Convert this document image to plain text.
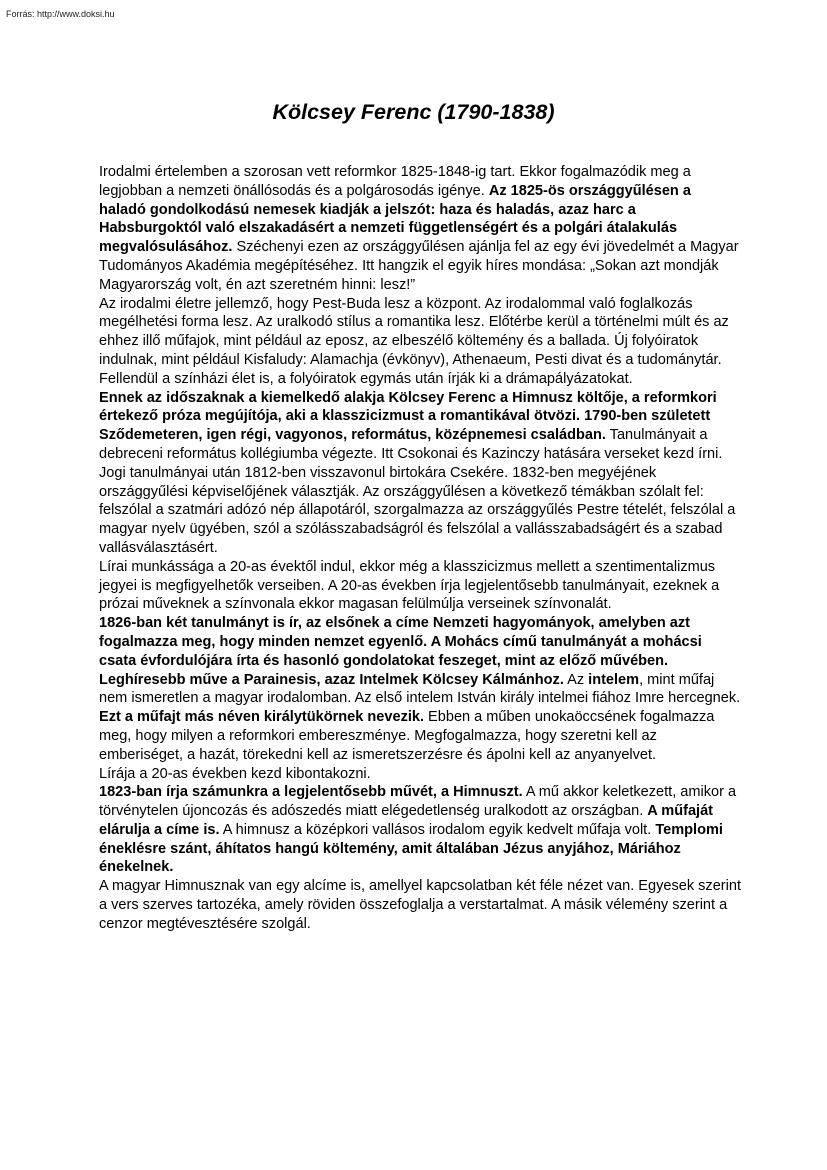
Forrás: http://www.doksi.hu
Kölcsey Ferenc (1790-1838)

Irodalmi értelemben a szorosan vett reformkor 1825-1848-ig tart. Ekkor fogalmazódik meg a legjobban a nemzeti önállósodás és a polgárosodás igénye. Az 1825-ös országgyűlésen a haladó gondolkodású nemesek kiadják a jelszót: haza és haladás, azaz harc a Habsburgoktól való elszakadásért a nemzeti függetlenségért és a polgári átalakulás megvalósulásához. Széchenyi ezen az országgyűlésen ajánlja fel az egy évi jövedelmét a Magyar Tudományos Akadémia megépítéséhez. Itt hangzik el egyik híres mondása: „Sokan azt mondják Magyarország volt, én azt szeretném hinni: lesz!”

Az irodalmi életre jellemző, hogy Pest-Buda lesz a központ. Az irodalommal való foglalkozás megélhetési forma lesz. Az uralkodó stílus a romantika lesz. Előtérbe kerül a történelmi múlt és az ehhez illő műfajok, mint például az eposz, az elbeszélő költemény és a ballada. Új folyóiratok indulnak, mint például Kisfaludy: Alamachja (évkönyv), Athenaeum, Pesti divat és a tudománytár. Fellendül a színházi élet is, a folyóiratok egymás után írják ki a drámapályázatokat.

Ennek az időszaknak a kiemelkedő alakja Kölcsey Ferenc a Himnusz költője, a reformkori értekező próza megújítója, aki a klasszicizmust a romantikával ötvözi. 1790-ben született Sződemeteren, igen régi, vagyonos, református, középnemesi családban. Tanulmányait a debreceni református kollégiumba végezte. Itt Csokonai és Kazinczy hatására verseket kezd írni. Jogi tanulmányai után 1812-ben visszavonul birtokára Csekére. 1832-ben megyéjének országgyűlési képviselőjének választják. Az országgyűlésen a következő témákban szólalt fel: felszólal a szatmári adózó nép állapotáról, szorgalmazza az országgyűlés Pestre tételét, felszólal a magyar nyelv ügyében, szól a szólásszabadságról és felszólal a vallásszabadságért és a szabad vallásválasztásért.

Lírai munkássága a 20-as évektől indul, ekkor még a klasszicizmus mellett a szentimentalizmus jegyei is megfigyelhetők verseiben. A 20-as években írja legjelentősebb tanulmányait, ezeknek a prózai műveknek a színvonala ekkor magasan felülmúlja verseinek színvonalát.

1826-ban két tanulmányt is ír, az elsőnek a címe Nemzeti hagyományok, amelyben azt fogalmazza meg, hogy minden nemzet egyenlő. A Mohács című tanulmányát a mohácsi csata évfordulójára írta és hasonló gondolatokat feszeget, mint az előző művében.

Leghíresebb műve a Parainesis, azaz Intelmek Kölcsey Kálmánhoz. Az intelem, mint műfaj nem ismeretlen a magyar irodalomban. Az első intelem István király intelmei fiához Imre hercegnek. Ezt a műfajt más néven királytükörnek nevezik. Ebben a műben unokaöccsének fogalmazza meg, hogy milyen a reformkori embereszménye. Megfogalmazza, hogy szeretni kell az emberiséget, a hazát, törekedni kell az ismeretszerzésre és ápolni kell az anyanyelvet.

Lírája a 20-as években kezd kibontakozni.

1823-ban írja számunkra a legjelentősebb művét, a Himnuszt. A mű akkor keletkezett, amikor a törvénytelen újoncozás és adószedés miatt elégedetlenség uralkodott az országban. A műfaját elárulja a címe is. A himnusz a középkori vallásos irodalom egyik kedvelt műfaja volt. Templomi éneklésre szánt, áhítatos hangú költemény, amit általában Jézus anyjához, Máriához énekelnek.

A magyar Himnusznak van egy alcíme is, amellyel kapcsolatban két féle nézet van. Egyesek szerint a vers szerves tartozéka, amely röviden összefoglalja a verstartalmat. A másik vélemény szerint a cenzor megtévesztésére szolgál.
